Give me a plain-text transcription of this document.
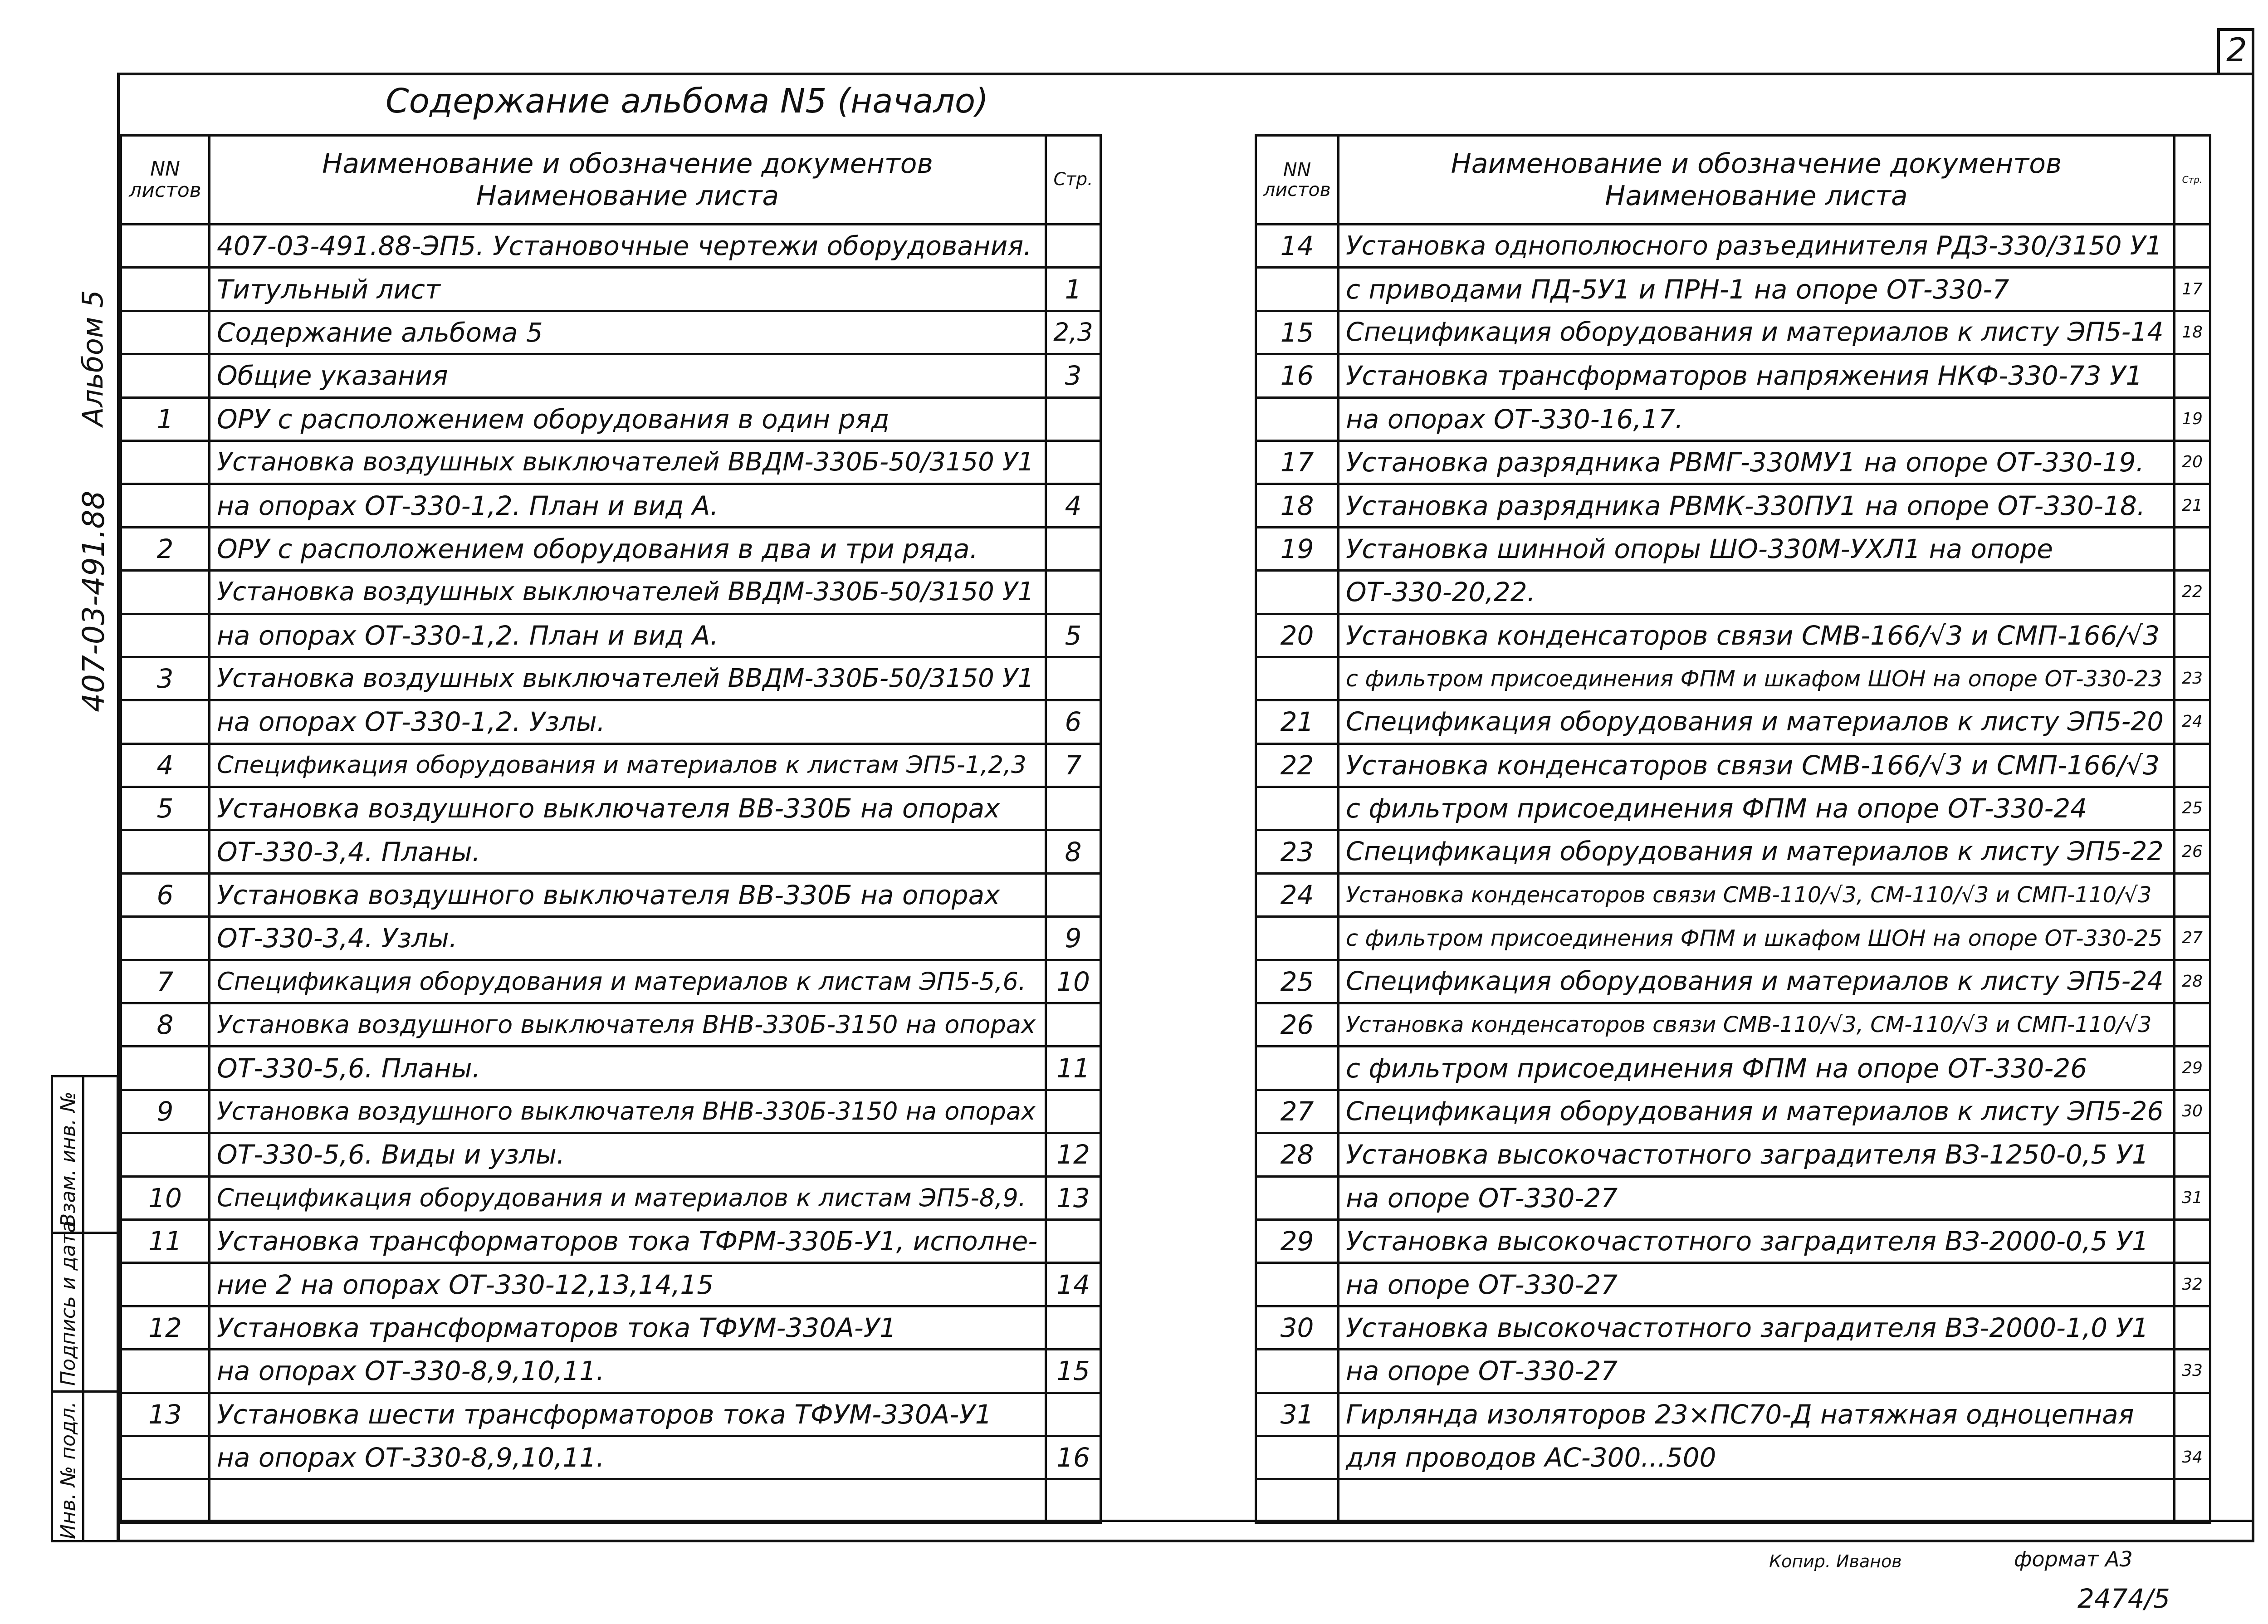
2
Содержание альбома N5 (начало)
NN листов	Наименование и обозначение документов Наименование листа	Стр.
	407-03-491.88-ЭП5. Установочные чертежи оборудования.	
	Титульный лист	1
	Содержание альбома 5	2,3
	Общие указания	3
1	ОРУ с расположением оборудования в один ряд	
	Установка воздушных выключателей ВВДМ-330Б-50/3150 У1	
	на опорах ОТ-330-1,2. План и вид А.	4
2	ОРУ с расположением оборудования в два и три ряда.	
	Установка воздушных выключателей ВВДМ-330Б-50/3150 У1	
	на опорах ОТ-330-1,2. План и вид А.	5
3	Установка воздушных выключателей ВВДМ-330Б-50/3150 У1	
	на опорах ОТ-330-1,2. Узлы.	6
4	Спецификация оборудования и материалов к листам ЭП5-1,2,3	7
5	Установка воздушного выключателя ВВ-330Б на опорах	
	ОТ-330-3,4. Планы.	8
6	Установка воздушного выключателя ВВ-330Б на опорах	
	ОТ-330-3,4. Узлы.	9
7	Спецификация оборудования и материалов к листам ЭП5-5,6.	10
8	Установка воздушного выключателя ВНВ-330Б-3150 на опорах	
	ОТ-330-5,6. Планы.	11
9	Установка воздушного выключателя ВНВ-330Б-3150 на опорах	
	ОТ-330-5,6. Виды и узлы.	12
10	Спецификация оборудования и материалов к листам ЭП5-8,9.	13
11	Установка трансформаторов тока ТФРМ-330Б-У1, исполне-	
	ние 2 на опорах ОТ-330-12,13,14,15	14
12	Установка трансформаторов тока ТФУМ-330А-У1	
	на опорах ОТ-330-8,9,10,11.	15
13	Установка шести трансформаторов тока ТФУМ-330А-У1	
	на опорах ОТ-330-8,9,10,11.	16

NN листов	Наименование и обозначение документов Наименование листа	Стр.
14	Установка однополюсного разъединителя РДЗ-330/3150 У1	
	с приводами ПД-5У1 и ПРН-1 на опоре ОТ-330-7	17
15	Спецификация оборудования и материалов к листу ЭП5-14	18
16	Установка трансформаторов напряжения НКФ-330-73 У1	
	на опорах ОТ-330-16,17.	19
17	Установка разрядника РВМГ-330МУ1 на опоре ОТ-330-19.	20
18	Установка разрядника РВМК-330ПУ1 на опоре ОТ-330-18.	21
19	Установка шинной опоры ШО-330М-УХЛ1 на опоре	
	ОТ-330-20,22.	22
20	Установка конденсаторов связи СМВ-166/√3 и СМП-166/√3	
	с фильтром присоединения ФПМ и шкафом ШОН на опоре ОТ-330-23	23
21	Спецификация оборудования и материалов к листу ЭП5-20	24
22	Установка конденсаторов связи СМВ-166/√3 и СМП-166/√3	
	с фильтром присоединения ФПМ на опоре ОТ-330-24	25
23	Спецификация оборудования и материалов к листу ЭП5-22	26
24	Установка конденсаторов связи СМВ-110/√3, СМ-110/√3 и СМП-110/√3	
	с фильтром присоединения ФПМ и шкафом ШОН на опоре ОТ-330-25	27
25	Спецификация оборудования и материалов к листу ЭП5-24	28
26	Установка конденсаторов связи СМВ-110/√3, СМ-110/√3 и СМП-110/√3	
	с фильтром присоединения ФПМ на опоре ОТ-330-26	29
27	Спецификация оборудования и материалов к листу ЭП5-26	30
28	Установка высокочастотного заградителя ВЗ-1250-0,5 У1	
	на опоре ОТ-330-27	31
29	Установка высокочастотного заградителя ВЗ-2000-0,5 У1	
	на опоре ОТ-330-27	32
30	Установка высокочастотного заградителя ВЗ-2000-1,0 У1	
	на опоре ОТ-330-27	33
31	Гирлянда изоляторов 23×ПС70-Д натяжная одноцепная	
	для проводов АС-300...500	34

Альбом 5
407-03-491.88
Инв. № подл.
Подпись и дата
Взам. инв. №
Копир. Иванов	формат А3
2474/5
